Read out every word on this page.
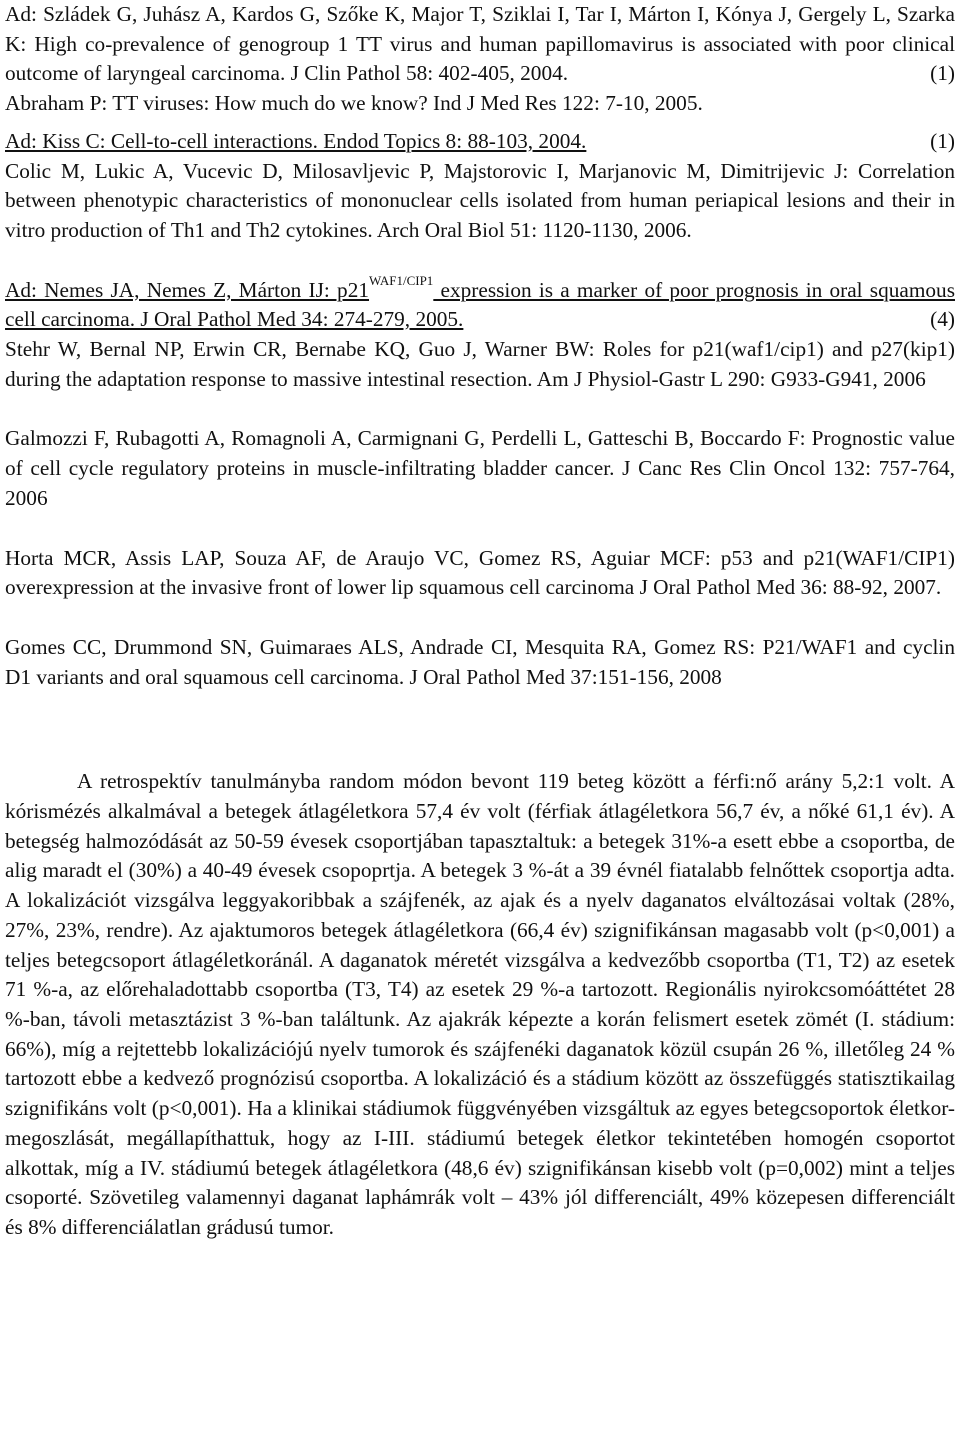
Ad: Szládek G, Juhász A, Kardos G, Szőke K, Major T, Sziklai I, Tar I, Márton I, Kónya J, Gergely L, Szarka K: High co-prevalence of genogroup 1 TT virus and human papillomavirus is associated with poor clinical outcome of laryngeal carcinoma. J Clin Pathol 58: 402-405, 2004.	(1)

Abraham P: TT viruses: How much do we know? Ind J Med Res 122: 7-10, 2005.

Ad: Kiss C: Cell-to-cell interactions. Endod Topics 8: 88-103, 2004.	(1)

Colic M, Lukic A, Vucevic D, Milosavljevic P, Majstorovic I, Marjanovic M, Dimitrijevic J: Correlation between phenotypic characteristics of mononuclear cells isolated from human periapical lesions and their in vitro production of Th1 and Th2 cytokines. Arch Oral Biol 51: 1120-1130, 2006.

Ad: Nemes JA, Nemes Z, Márton IJ: $p21^{WAF1/CIP1}$ expression is a marker of poor prognosis in oral squamous cell carcinoma. J Oral Pathol Med 34: 274-279, 2005.	(4)

Stehr W, Bernal NP, Erwin CR, Bernabe KQ, Guo J, Warner BW: Roles for p21(waf1/cip1) and p27(kip1) during the adaptation response to massive intestinal resection. Am J Physiol-Gastr L 290: G933-G941, 2006

Galmozzi F, Rubagotti A, Romagnoli A, Carmignani G, Perdelli L, Gatteschi B, Boccardo F: Prognostic value of cell cycle regulatory proteins in muscle-infiltrating bladder cancer. J Canc Res Clin Oncol 132: 757-764, 2006

Horta MCR, Assis LAP, Souza AF, de Araujo VC, Gomez RS, Aguiar MCF: p53 and p21(WAF1/CIP1) overexpression at the invasive front of lower lip squamous cell carcinoma J Oral Pathol Med 36: 88-92, 2007.

Gomes CC, Drummond SN, Guimaraes ALS, Andrade CI, Mesquita RA, Gomez RS: P21/WAF1 and cyclin D1 variants and oral squamous cell carcinoma. J Oral Pathol Med 37:151-156, 2008

A retrospektív tanulmányba random módon bevont 119 beteg között a férfi:nő arány 5,2:1 volt. A kórismézés alkalmával a betegek átlagéletkora 57,4 év volt (férfiak átlagéletkora 56,7 év, a nőké 61,1 év). A betegség halmozódását az 50-59 évesek csoportjában tapasztaltuk: a betegek 31%-a esett ebbe a csoportba, de alig maradt el (30%) a 40-49 évesek csopoprtja. A betegek 3 %-át a 39 évnél fiatalabb felnőttek csoportja adta. A lokalizációt vizsgálva leggyakoribbak a szájfenék, az ajak és a nyelv daganatos elváltozásai voltak (28%, 27%, 23%, rendre). Az ajaktumoros betegek átlagéletkora (66,4 év) szignifikánsan magasabb volt (p<0,001) a teljes betegcsoport átlagéletkoránál. A daganatok méretét vizsgálva a kedvezőbb csoportba (T1, T2) az esetek 71 %-a, az előrehaladottabb csoportba (T3, T4) az esetek 29 %-a tartozott. Regionális nyirokcsomóáttétet 28 %-ban, távoli metasztázist 3 %-ban találtunk. Az ajakrák képezte a korán felismert esetek zömét (I. stádium: 66%), míg a rejtettebb lokalizációjú nyelv tumorok és szájfenéki daganatok közül csupán 26 %, illetőleg 24 % tartozott ebbe a kedvező prognózisú csoportba. A lokalizáció és a stádium között az összefüggés statisztikailag szignifikáns volt (p<0,001). Ha a klinikai stádiumok függvényében vizsgáltuk az egyes betegcsoportok életkor-megoszlását, megállapíthattuk, hogy az I-III. stádiumú betegek életkor tekintetében homogén csoportot alkottak, míg a IV. stádiumú betegek átlagéletkora (48,6 év) szignifikánsan kisebb volt (p=0,002) mint a teljes csoporté. Szövetileg valamennyi daganat laphámrák volt – 43% jól differenciált, 49% közepesen differenciált és 8% differenciálatlan grádusú tumor.
